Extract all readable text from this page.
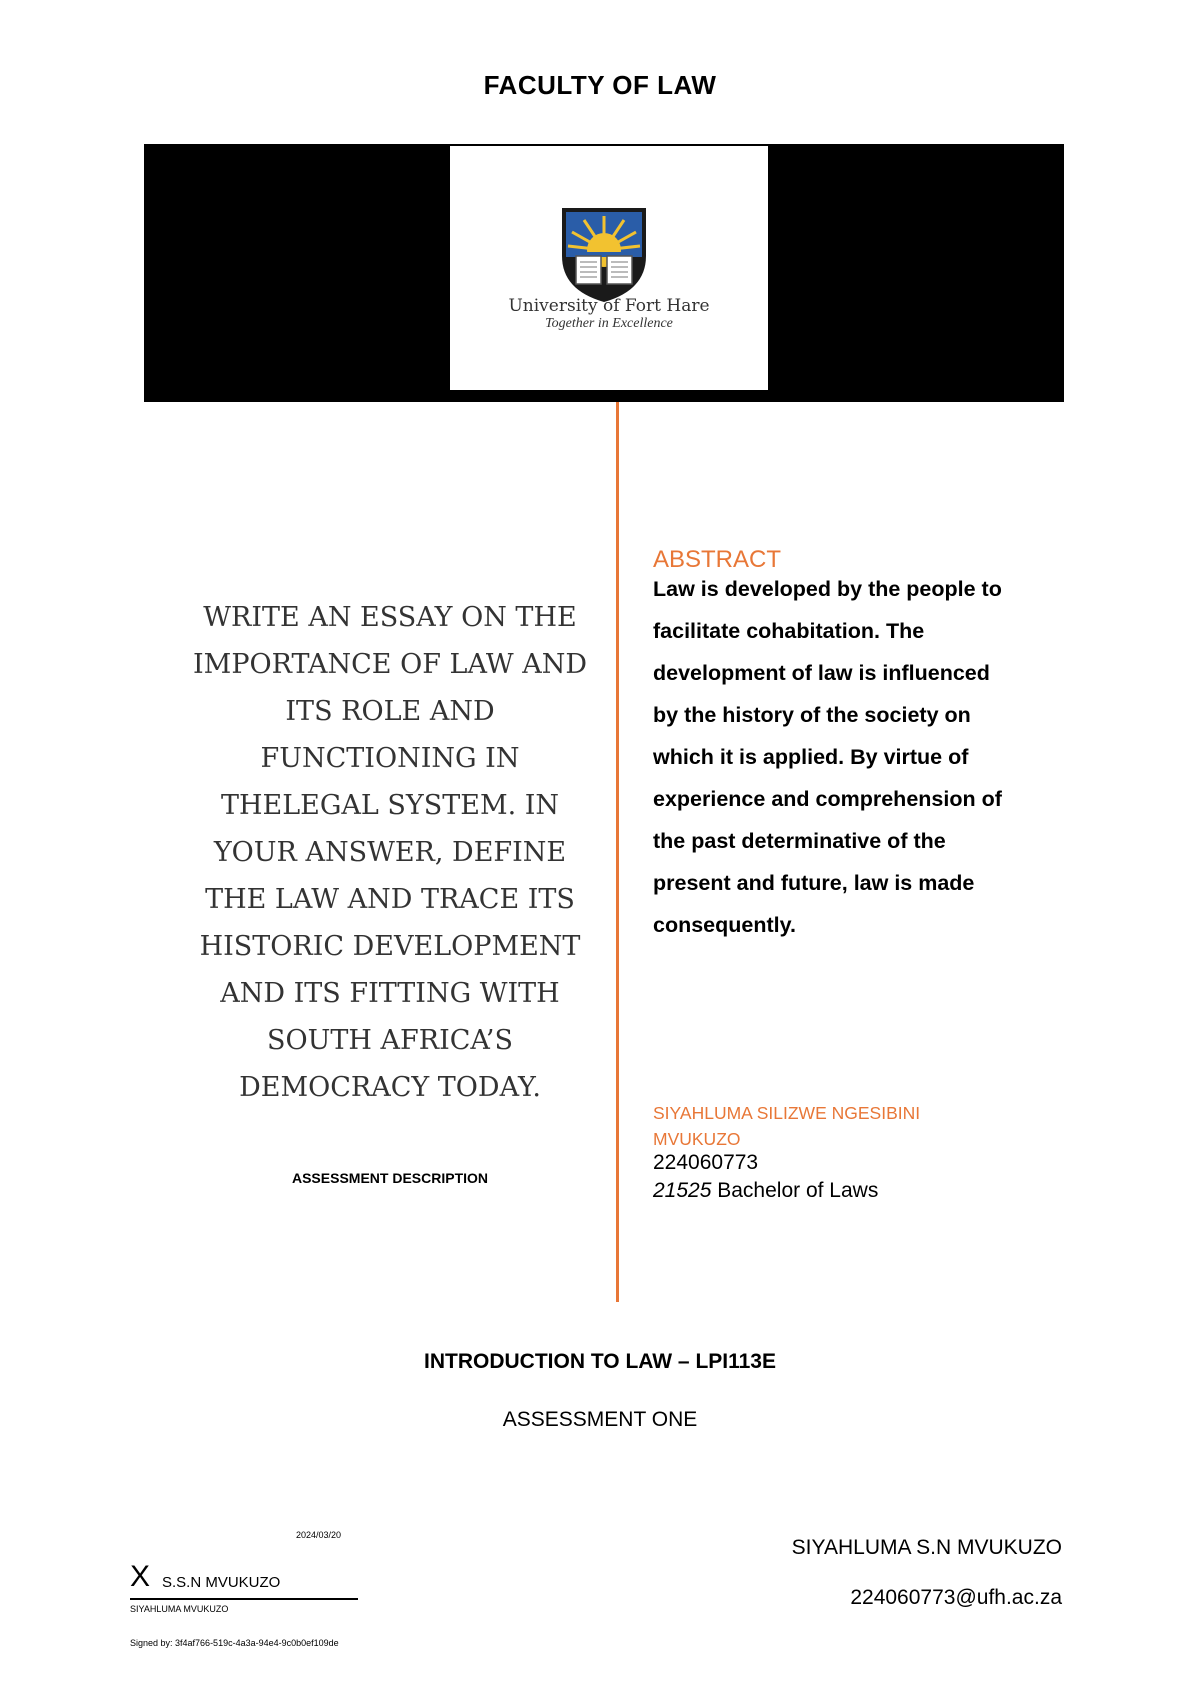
FACULTY OF LAW
University of Fort Hare
Together in Excellence

WRITE AN ESSAY ON THE IMPORTANCE OF LAW AND ITS ROLE AND FUNCTIONING IN THELEGAL SYSTEM. IN YOUR ANSWER, DEFINE THE LAW AND TRACE ITS HISTORIC DEVELOPMENT AND ITS FITTING WITH SOUTH AFRICA’S DEMOCRACY TODAY.

ASSESSMENT DESCRIPTION
ABSTRACT

Law is developed by the people to facilitate cohabitation. The development of law is influenced by the history of the society on which it is applied. By virtue of experience and comprehension of the past determinative of the present and future, law is made consequently.

SIYAHLUMA SILIZWE NGESIBINI MVUKUZO
224060773
21525 Bachelor of Laws
INTRODUCTION TO LAW – LPI113E
ASSESSMENT ONE
2024/03/20
X S.S.N MVUKUZO
SIYAHLUMA MVUKUZO
Signed by: 3f4af766-519c-4a3a-94e4-9c0b0ef109de
SIYAHLUMA S.N MVUKUZO
224060773@ufh.ac.za
